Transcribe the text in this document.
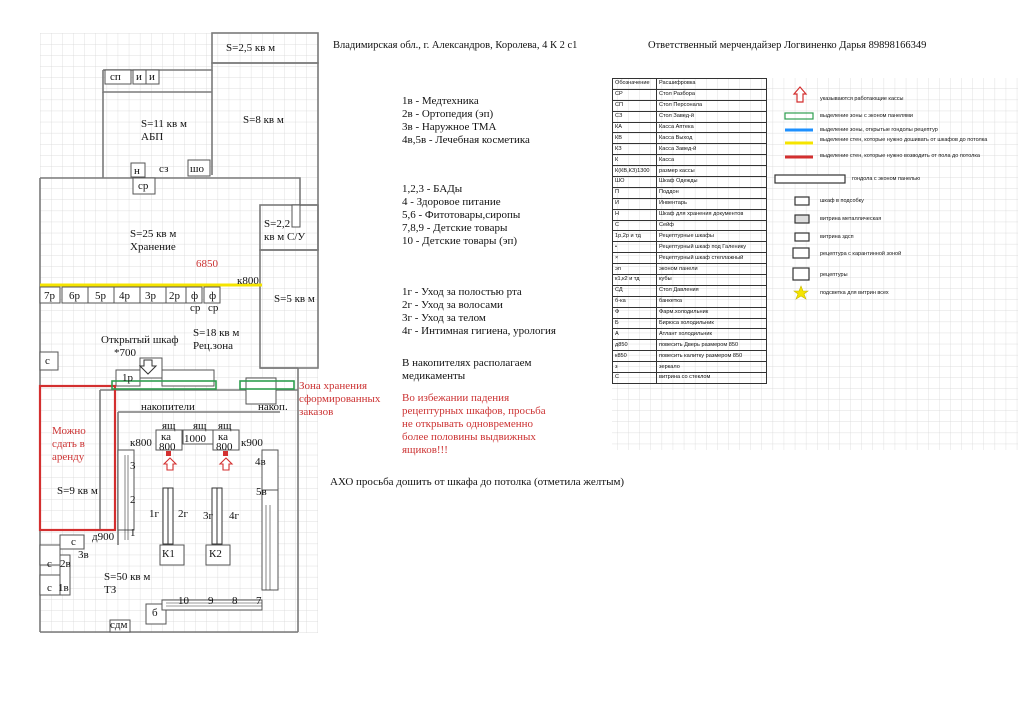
Владимирская обл., г. Александров, Королева, 4 К 2 с1	Ответственный мерчендайзер Логвиненко Дарья 89898166349
S=2,5 кв м
S=11 кв м
АБП
S=8 кв м
S=25 кв м
Хранение
S=2,2
кв м С/У
S=5 кв м
S=18 кв м
Рец.зона
S=9 кв м
S=50 кв м
ТЗ
сп и и
н сз шо
ср
6850
к800
7р 6р 5р 4р 3р 2р ф ф
ср ср
Открытый шкаф
*700
с
1р
накопители	накоп.
Зона хранения
сформированных
заказов
Можно
сдать в
аренду
ящ ящ ящ
ка
800
1000 ка
800
к800	к900
3
2
1
1г 2г 3г 4г
К1	К2
4в
5в
с д900
3в
с 2в
1в
с
10 9 8 7
б
сдм
1в - Медтехника
2в - Ортопедия (эп)
3в - Наружное ТМА
4в,5в - Лечебная косметика
1,2,3 - БАДы
4 - Здоровое питание
5,6 - Фитотовары,сиропы
7,8,9 - Детские товары
10 - Детские товары (эп)
1г - Уход за полостью рта
2г - Уход за волосами
3г - Уход за телом
4г - Интимная гигиена, урология
В накопителях располагаем
медикаменты
Во избежании падения
рецептурных шкафов, просьба
не открывать одновременно
более половины выдвижных
ящиков!!!
АХО просьба дошить от шкафа до потолка (отметила желтым)
Обозначение	Расшифровка
СР	Стол Разбора
СП	Стол Персонала
СЗ	Стол Завед-й
КА	Касса Аптека
КВ	Касса Выход
КЗ	Касса Завед-й
К	Касса
К(КВ,КЗ)1300	размер кассы
ШО	Шкаф Одежды
П	Поддон
И	Инвентарь
Н	Шкаф для хранения документов
С	Сейф
1р,2р и тд	Рецептурные шкафы
•	Рецептурный шкаф под Галенику
×	Рецептурный шкаф стеллажный
эп	эконом панели
к1,к2 и тд	кубы
СД	Стол Давления
б-ка	банкетка
Ф	Фарм.холодильник
Б	Бирюса холодильник
А	Атлант холодильник
д850	повесить Дверь размером 850
к850	повесить калитку размером 850
з	зеркало
С	витрина со стеклом
указываются работающие кассы
выделение зоны с эконом панелями
выделение зоны, открытые гондолы рецептур
выделение стен, которые нужно дошивать от шкафов до потолка
выделение стен, которые нужно возводить от пола до потолка
гондола с эконом панелью
шкаф в подсобку
витрина металлическая
витрина здсп
рецептура с карантинной зоной
рецептуры
подсветка для витрин всех
